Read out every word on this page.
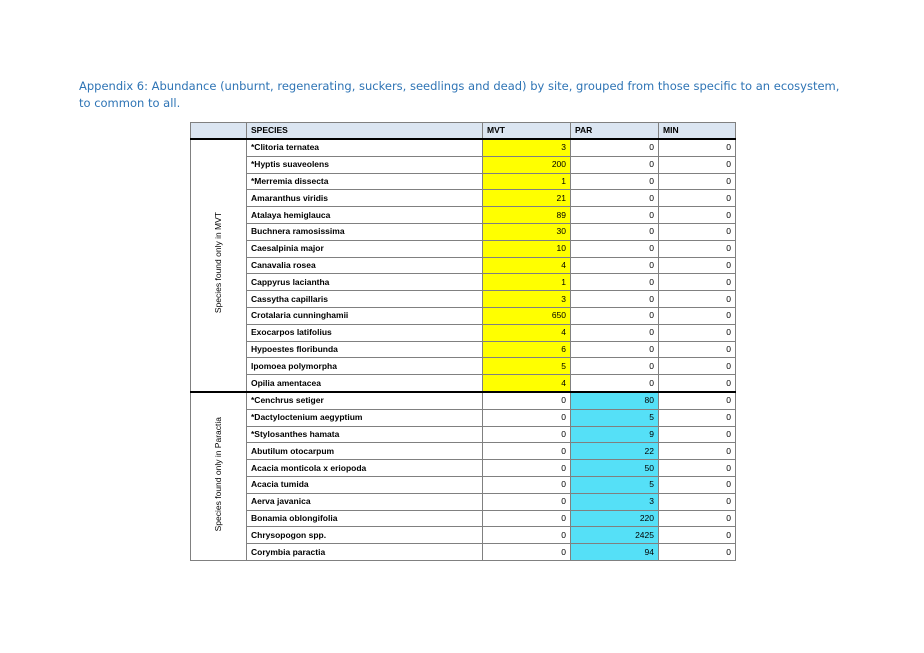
Appendix 6: Abundance (unburnt, regenerating, suckers, seedlings and dead) by site, grouped from those specific to an ecosystem, to common to all.
	SPECIES	MVT	PAR	MIN
Species found only in MVT	*Clitoria ternatea	3	0	0
	*Hyptis suaveolens	200	0	0
	*Merremia dissecta	1	0	0
	Amaranthus viridis	21	0	0
	Atalaya hemiglauca	89	0	0
	Buchnera ramosissima	30	0	0
	Caesalpinia major	10	0	0
	Canavalia rosea	4	0	0
	Cappyrus laciantha	1	0	0
	Cassytha capillaris	3	0	0
	Crotalaria cunninghamii	650	0	0
	Exocarpos latifolius	4	0	0
	Hypoestes floribunda	6	0	0
	Ipomoea polymorpha	5	0	0
	Opilia amentacea	4	0	0
Species found only in Paractia	*Cenchrus setiger	0	80	0
	*Dactyloctenium aegyptium	0	5	0
	*Stylosanthes hamata	0	9	0
	Abutilum otocarpum	0	22	0
	Acacia monticola x eriopoda	0	50	0
	Acacia tumida	0	5	0
	Aerva javanica	0	3	0
	Bonamia oblongifolia	0	220	0
	Chrysopogon spp.	0	2425	0
	Corymbia paractia	0	94	0
